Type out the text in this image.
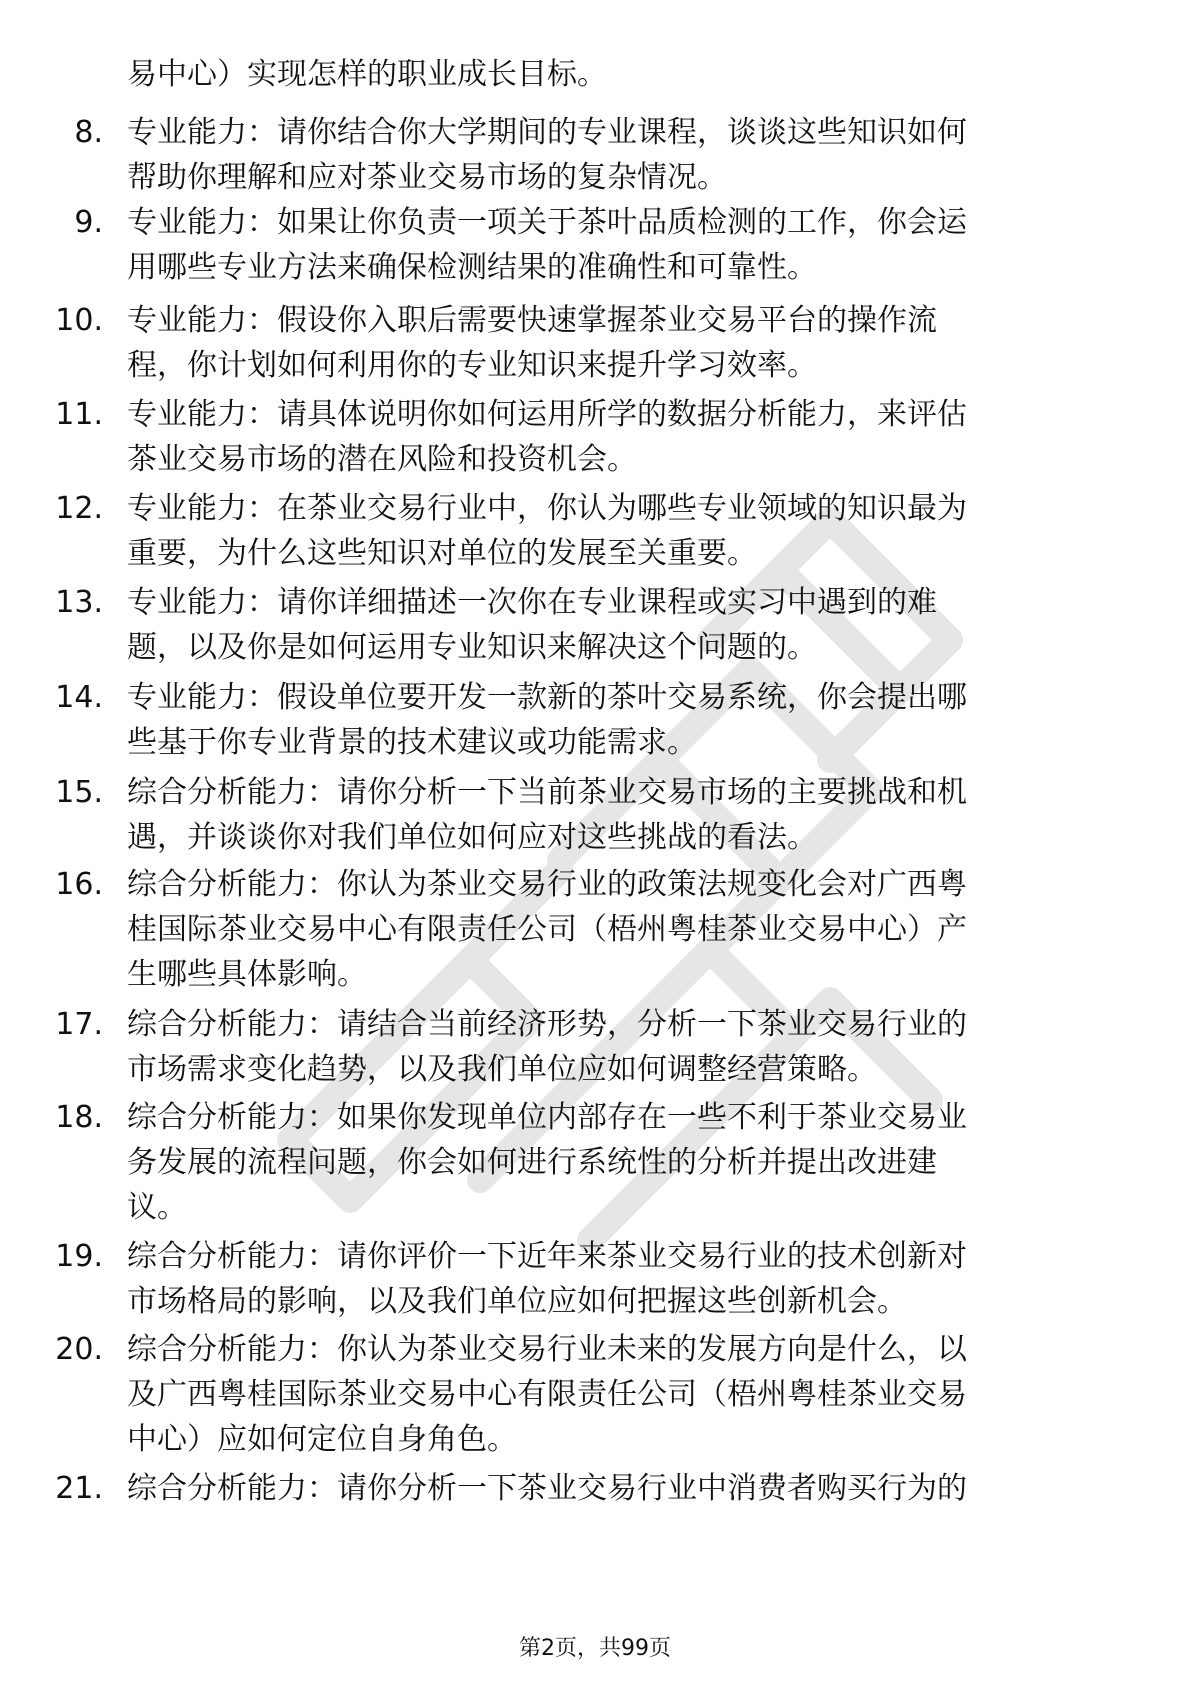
易中心）实现怎样的职业成长目标。
8. 专业能力：请你结合你大学期间的专业课程，谈谈这些知识如何
帮助你理解和应对茶业交易市场的复杂情况。
9. 专业能力：如果让你负责一项关于茶叶品质检测的工作，你会运
用哪些专业方法来确保检测结果的准确性和可靠性。
10. 专业能力：假设你入职后需要快速掌握茶业交易平台的操作流
程，你计划如何利用你的专业知识来提升学习效率。
11. 专业能力：请具体说明你如何运用所学的数据分析能力，来评估
茶业交易市场的潜在风险和投资机会。
12. 专业能力：在茶业交易行业中，你认为哪些专业领域的知识最为
重要，为什么这些知识对单位的发展至关重要。
13. 专业能力：请你详细描述一次你在专业课程或实习中遇到的难
题，以及你是如何运用专业知识来解决这个问题的。
14. 专业能力：假设单位要开发一款新的茶叶交易系统，你会提出哪
些基于你专业背景的技术建议或功能需求。
15. 综合分析能力：请你分析一下当前茶业交易市场的主要挑战和机
遇，并谈谈你对我们单位如何应对这些挑战的看法。
16. 综合分析能力：你认为茶业交易行业的政策法规变化会对广西粤
桂国际茶业交易中心有限责任公司（梧州粤桂茶业交易中心）产
生哪些具体影响。
17. 综合分析能力：请结合当前经济形势，分析一下茶业交易行业的
市场需求变化趋势，以及我们单位应如何调整经营策略。
18. 综合分析能力：如果你发现单位内部存在一些不利于茶业交易业
务发展的流程问题，你会如何进行系统性的分析并提出改进建
议。
19. 综合分析能力：请你评价一下近年来茶业交易行业的技术创新对
市场格局的影响，以及我们单位应如何把握这些创新机会。
20. 综合分析能力：你认为茶业交易行业未来的发展方向是什么，以
及广西粤桂国际茶业交易中心有限责任公司（梧州粤桂茶业交易
中心）应如何定位自身角色。
21. 综合分析能力：请你分析一下茶业交易行业中消费者购买行为的
第2页，共99页
